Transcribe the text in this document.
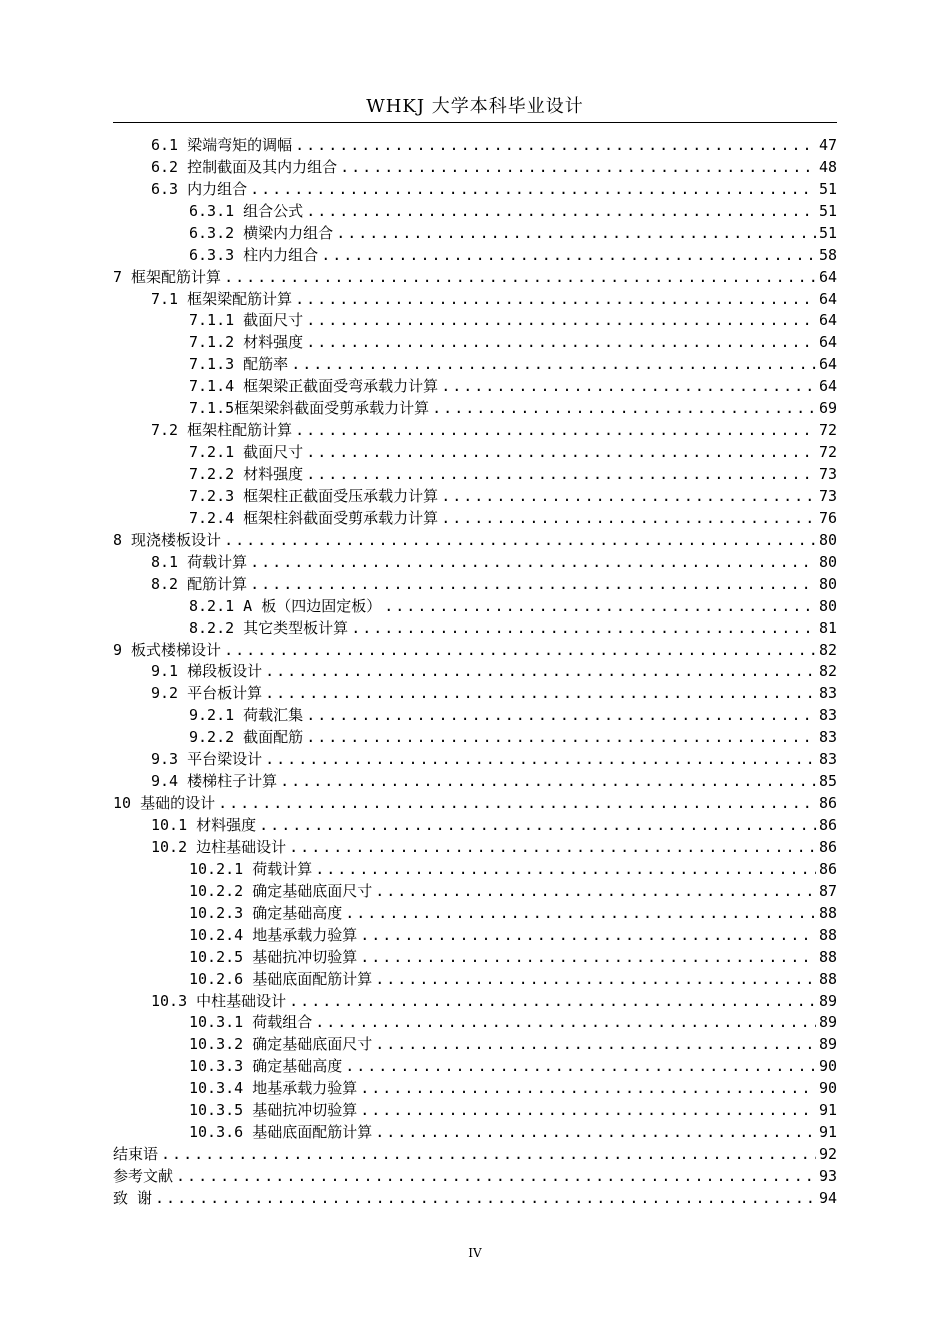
WHKJ 大学本科毕业设计
6.1 梁端弯矩的调幅 .....	47
6.2 控制截面及其内力组合 .....	48
6.3 内力组合 .....	51
6.3.1 组合公式 .....	51
6.3.2 横梁内力组合 .....	51
6.3.3 柱内力组合 .....	58
7 框架配筋计算 .....	64
7.1 框架梁配筋计算 .....	64
7.1.1 截面尺寸 .....	64
7.1.2 材料强度 .....	64
7.1.3 配筋率 .....	64
7.1.4 框架梁正截面受弯承载力计算 .....	64
7.1.5框架梁斜截面受剪承载力计算 .....	69
7.2 框架柱配筋计算 .....	72
7.2.1 截面尺寸 .....	72
7.2.2 材料强度 .....	73
7.2.3 框架柱正截面受压承载力计算 .....	73
7.2.4 框架柱斜截面受剪承载力计算 .....	76
8 现浇楼板设计 .....	80
8.1 荷载计算 .....	80
8.2 配筋计算 .....	80
8.2.1 A 板（四边固定板） .....	80
8.2.2 其它类型板计算 .....	81
9 板式楼梯设计 .....	82
9.1 梯段板设计 .....	82
9.2 平台板计算 .....	83
9.2.1 荷载汇集 .....	83
9.2.2 截面配筋 .....	83
9.3 平台梁设计 .....	83
9.4 楼梯柱子计算 .....	85
10 基础的设计 .....	86
10.1 材料强度 .....	86
10.2 边柱基础设计 .....	86
10.2.1 荷载计算 .....	86
10.2.2 确定基础底面尺寸 .....	87
10.2.3 确定基础高度 .....	88
10.2.4 地基承载力验算 .....	88
10.2.5 基础抗冲切验算 .....	88
10.2.6 基础底面配筋计算 .....	88
10.3 中柱基础设计 .....	89
10.3.1 荷载组合 .....	89
10.3.2 确定基础底面尺寸 .....	89
10.3.3 确定基础高度 .....	90
10.3.4 地基承载力验算 .....	90
10.3.5 基础抗冲切验算 .....	91
10.3.6 基础底面配筋计算 .....	91
结束语 .....	92
参考文献 .....	93
致 谢 .....	94
IV
